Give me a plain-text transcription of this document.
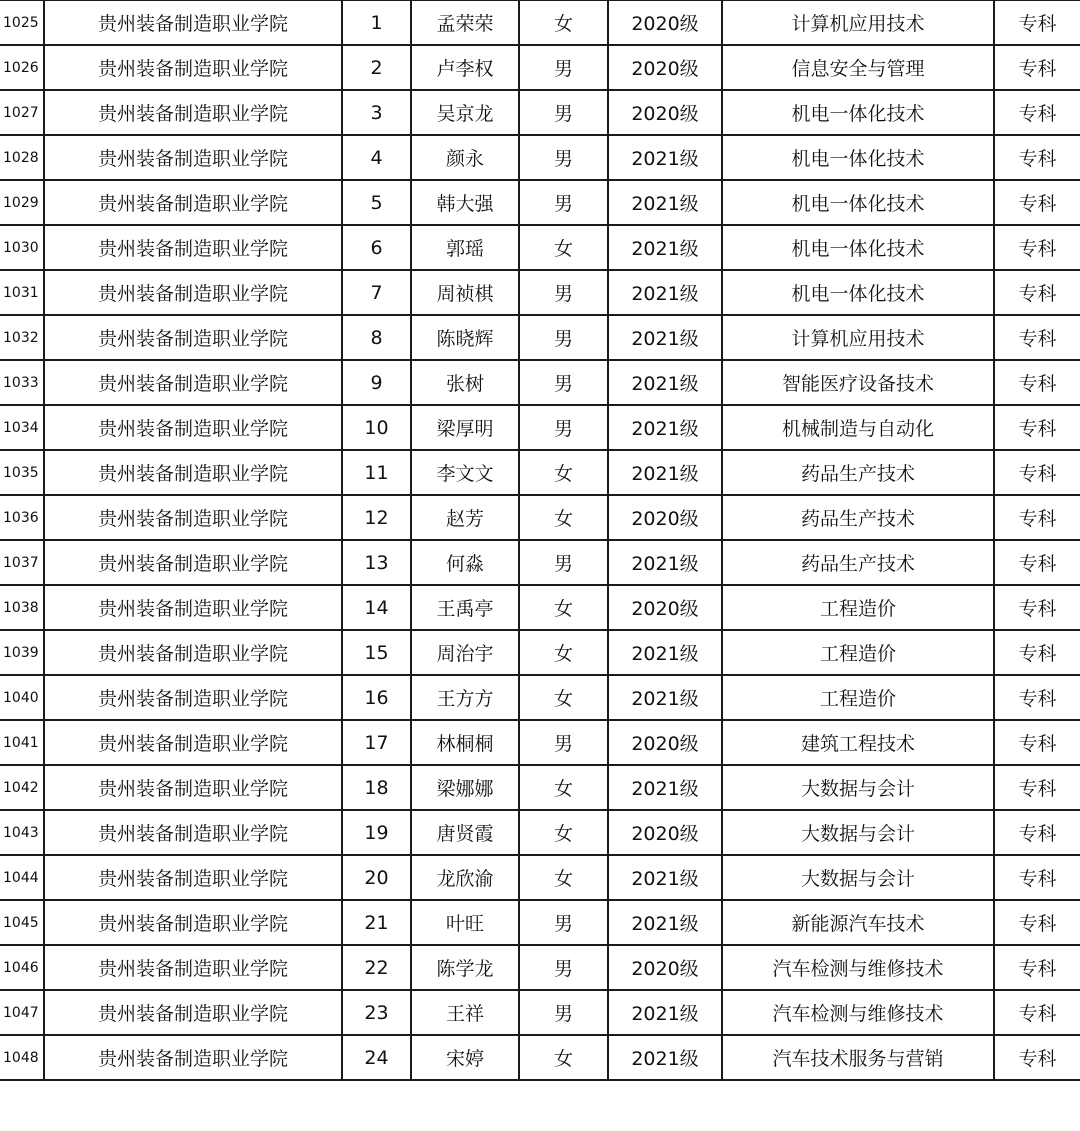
1025	贵州装备制造职业学院	1	孟荣荣	女	2020级	计算机应用技术	专科
1026	贵州装备制造职业学院	2	卢李权	男	2020级	信息安全与管理	专科
1027	贵州装备制造职业学院	3	吴京龙	男	2020级	机电一体化技术	专科
1028	贵州装备制造职业学院	4	颜永	男	2021级	机电一体化技术	专科
1029	贵州装备制造职业学院	5	韩大强	男	2021级	机电一体化技术	专科
1030	贵州装备制造职业学院	6	郭瑶	女	2021级	机电一体化技术	专科
1031	贵州装备制造职业学院	7	周祯棋	男	2021级	机电一体化技术	专科
1032	贵州装备制造职业学院	8	陈晓辉	男	2021级	计算机应用技术	专科
1033	贵州装备制造职业学院	9	张树	男	2021级	智能医疗设备技术	专科
1034	贵州装备制造职业学院	10	梁厚明	男	2021级	机械制造与自动化	专科
1035	贵州装备制造职业学院	11	李文文	女	2021级	药品生产技术	专科
1036	贵州装备制造职业学院	12	赵芳	女	2020级	药品生产技术	专科
1037	贵州装备制造职业学院	13	何淼	男	2021级	药品生产技术	专科
1038	贵州装备制造职业学院	14	王禹亭	女	2020级	工程造价	专科
1039	贵州装备制造职业学院	15	周治宇	女	2021级	工程造价	专科
1040	贵州装备制造职业学院	16	王方方	女	2021级	工程造价	专科
1041	贵州装备制造职业学院	17	林桐桐	男	2020级	建筑工程技术	专科
1042	贵州装备制造职业学院	18	梁娜娜	女	2021级	大数据与会计	专科
1043	贵州装备制造职业学院	19	唐贤霞	女	2020级	大数据与会计	专科
1044	贵州装备制造职业学院	20	龙欣渝	女	2021级	大数据与会计	专科
1045	贵州装备制造职业学院	21	叶旺	男	2021级	新能源汽车技术	专科
1046	贵州装备制造职业学院	22	陈学龙	男	2020级	汽车检测与维修技术	专科
1047	贵州装备制造职业学院	23	王祥	男	2021级	汽车检测与维修技术	专科
1048	贵州装备制造职业学院	24	宋婷	女	2021级	汽车技术服务与营销	专科
